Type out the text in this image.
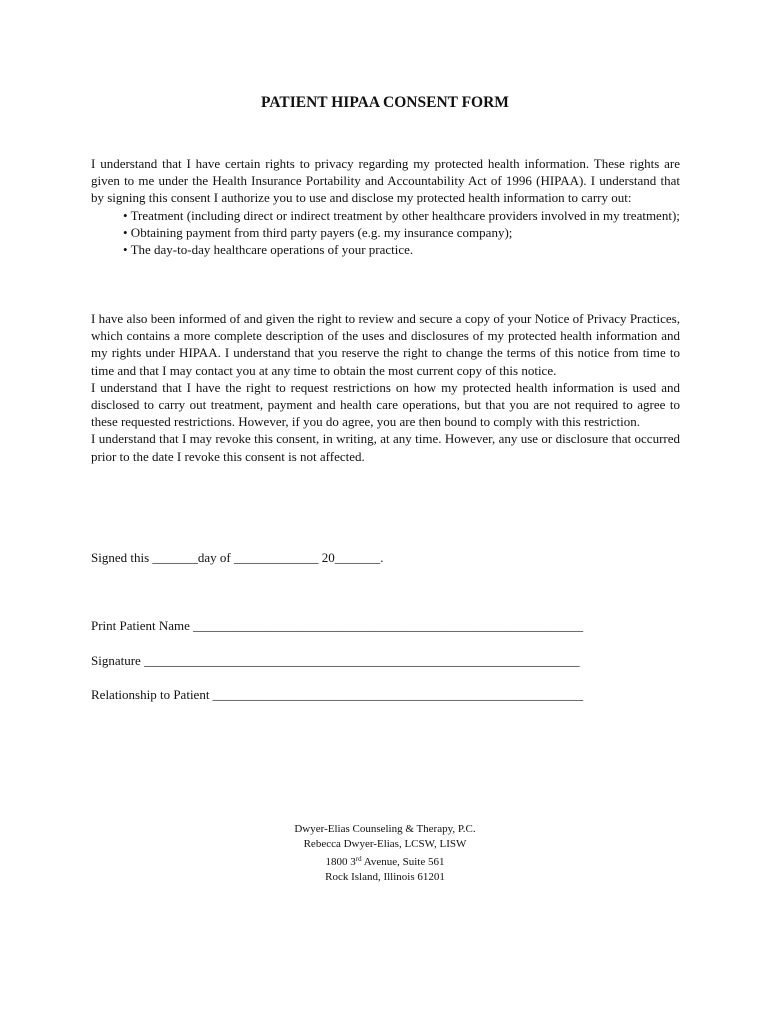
PATIENT HIPAA CONSENT FORM

I understand that I have certain rights to privacy regarding my protected health information. These rights are given to me under the Health Insurance Portability and Accountability Act of 1996 (HIPAA). I understand that by signing this consent I authorize you to use and disclose my protected health information to carry out:

• Treatment (including direct or indirect treatment by other healthcare providers involved in my treatment);
• Obtaining payment from third party payers (e.g. my insurance company);
• The day-to-day healthcare operations of your practice.

I have also been informed of and given the right to review and secure a copy of your Notice of Privacy Practices, which contains a more complete description of the uses and disclosures of my protected health information and my rights under HIPAA. I understand that you reserve the right to change the terms of this notice from time to time and that I may contact you at any time to obtain the most current copy of this notice.

I understand that I have the right to request restrictions on how my protected health information is used and disclosed to carry out treatment, payment and health care operations, but that you are not required to agree to these requested restrictions. However, if you do agree, you are then bound to comply with this restriction.

I understand that I may revoke this consent, in writing, at any time. However, any use or disclosure that occurred prior to the date I revoke this consent is not affected.

Signed this _______day of _____________ 20_______.
Print Patient Name ____________________________________________________________
Signature ___________________________________________________________________
Relationship to Patient _________________________________________________________
Dwyer-Elias Counseling & Therapy, P.C.
Rebecca Dwyer-Elias, LCSW, LISW
1800 3rd Avenue, Suite 561
Rock Island, Illinois 61201
